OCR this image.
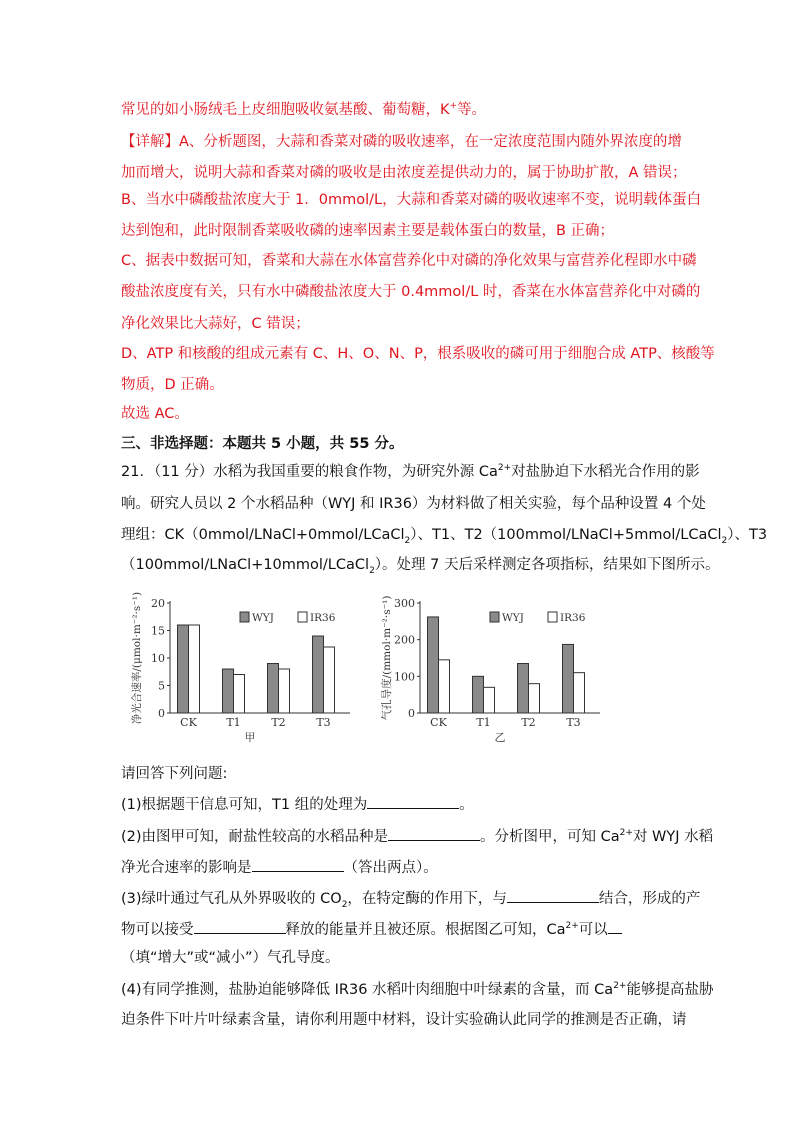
常见的如小肠绒毛上皮细胞吸收氨基酸、葡萄糖，K+等。
【详解】A、分析题图，大蒜和香菜对磷的吸收速率，在一定浓度范围内随外界浓度的增
加而增大，说明大蒜和香菜对磷的吸收是由浓度差提供动力的，属于协助扩散，A 错误；
B、当水中磷酸盐浓度大于 1．0mmol/L，大蒜和香菜对磷的吸收速率不变，说明载体蛋白
达到饱和，此时限制香菜吸收磷的速率因素主要是载体蛋白的数量，B 正确；
C、据表中数据可知，香菜和大蒜在水体富营养化中对磷的净化效果与富营养化程即水中磷
酸盐浓度度有关，只有水中磷酸盐浓度大于 0.4mmol/L 时，香菜在水体富营养化中对磷的
净化效果比大蒜好，C 错误；
D、ATP 和核酸的组成元素有 C、H、O、N、P，根系吸收的磷可用于细胞合成 ATP、核酸等
物质，D 正确。
故选 AC。
三、非选择题：本题共 5 小题，共 55 分。
21．（11 分）水稻为我国重要的粮食作物，为研究外源 $Ca^{2+}$对盐胁迫下水稻光合作用的影
响。研究人员以 2 个水稻品种（WYJ 和 IR36）为材料做了相关实验，每个品种设置 4 个处
理组：CK（0mmol/LNaCl+0mmol/LCaCl$_2$）、T1、T2（100mmol/LNaCl+5mmol/LCaCl$_2$）、T3
（100mmol/LNaCl+10mmol/LCaCl$_2$）。处理 7 天后采样测定各项指标，结果如下图所示。
0
5
10
15
20
净光合速率/(μmol·m⁻²·s⁻¹)	CK	T1	T2	T3
WYJ	IR36
甲
0
100
200
300
气孔导度/(mmol·m⁻²·s⁻¹)
CK	T1	T2	T3
WYJ	IR36
乙
请回答下列问题:
(1)根据题干信息可知，T1 组的处理为	。
(2)由图甲可知，耐盐性较高的水稻品种是	。分析图甲，可知 $Ca^{2+}$对 WYJ 水稻
净光合速率的影响是	（答出两点）。
(3)绿叶通过气孔从外界吸收的 $CO_2$，在特定酶的作用下，与	结合，形成的产
物可以接受	释放的能量并且被还原。根据图乙可知，$Ca^{2+}$可以
（填“增大”或“减小”）气孔导度。
(4)有同学推测，盐胁迫能够降低 IR36 水稻叶肉细胞中叶绿素的含量，而 $Ca^{2+}$能够提高盐胁
迫条件下叶片叶绿素含量，请你利用题中材料，设计实验确认此同学的推测是否正确，请
